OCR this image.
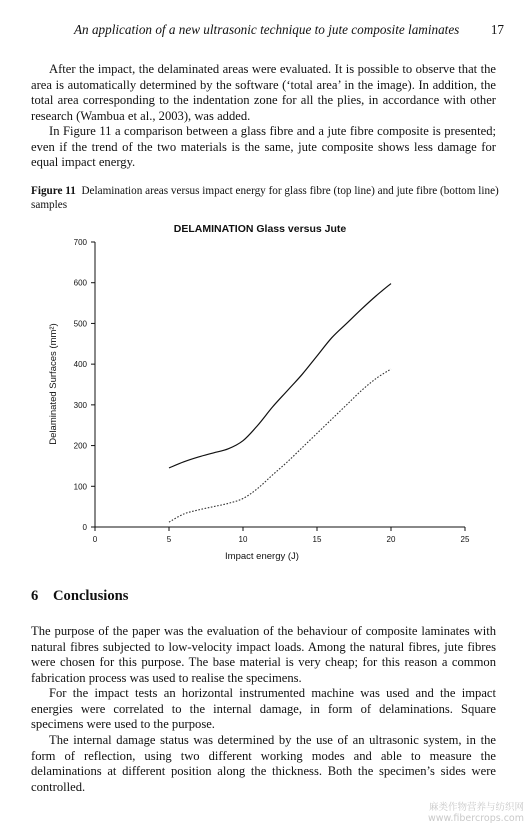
An application of a new ultrasonic technique to jute composite laminates 17

After the impact, the delaminated areas were evaluated. It is possible to observe that the area is automatically determined by the software (‘total area’ in the image). In addition, the total area corresponding to the indentation zone for all the plies, in accordance with other research (Wambua et al., 2003), was added.

In Figure 11 a comparison between a glass fibre and a jute fibre composite is presented; even if the trend of the two materials is the same, jute composite shows less damage for equal impact energy.

Figure 11 Delamination areas versus impact energy for glass fibre (top line) and jute fibre (bottom line) samples

DELAMINATION Glass versus Jute
0
100
200
300
400
500
600
700
0	5	10	15	20	25
Delaminated Surfaces (mm²)
Impact energy (J)
6 Conclusions

The purpose of the paper was the evaluation of the behaviour of composite laminates with natural fibres subjected to low-velocity impact loads. Among the natural fibres, jute fibres were chosen for this purpose. The base material is very cheap; for this reason a common fabrication process was used to realise the specimens.

For the impact tests an horizontal instrumented machine was used and the impact energies were correlated to the internal damage, in form of delaminations. Square specimens were used to the purpose.

The internal damage status was determined by the use of an ultrasonic system, in the form of reflection, using two different working modes and able to measure the delaminations at different position along the thickness. Both the specimen’s sides were controlled.

麻类作物营养与纺织网
www.fibercrops.com
